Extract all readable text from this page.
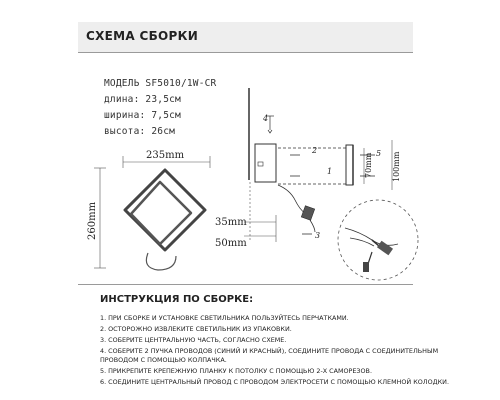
СХЕМА СБОРКИ
МОДЕЛЬ SF5010/1W-CR
длина: 23,5см
ширина: 7,5см
высота: 26см
235mm
260mm	35mm
50mm
4
2
1
5
70mm 100mm
3
ИНСТРУКЦИЯ ПО СБОРКЕ:
1. ПРИ СБОРКЕ И УСТАНОВКЕ СВЕТИЛЬНИКА ПОЛЬЗУЙТЕСЬ ПЕРЧАТКАМИ.
2. ОСТОРОЖНО ИЗВЛЕКИТЕ СВЕТИЛЬНИК ИЗ УПАКОВКИ.
3. СОБЕРИТЕ ЦЕНТРАЛЬНУЮ ЧАСТЬ, СОГЛАСНО СХЕМЕ.
4. СОБЕРИТЕ 2 ПУЧКА ПРОВОДОВ (СИНИЙ И КРАСНЫЙ), СОЕДИНИТЕ ПРОВОДА С СОЕДИНИТЕЛЬНЫМ ПРОВОДОМ С ПОМОЩЬЮ КОЛПАЧКА.
5. ПРИКРЕПИТЕ КРЕПЕЖНУЮ ПЛАНКУ К ПОТОЛКУ С ПОМОЩЬЮ 2-Х САМОРЕЗОВ.
6. СОЕДИНИТЕ ЦЕНТРАЛЬНЫЙ ПРОВОД С ПРОВОДОМ ЭЛЕКТРОСЕТИ С ПОМОЩЬЮ КЛЕМНОЙ КОЛОДКИ.
